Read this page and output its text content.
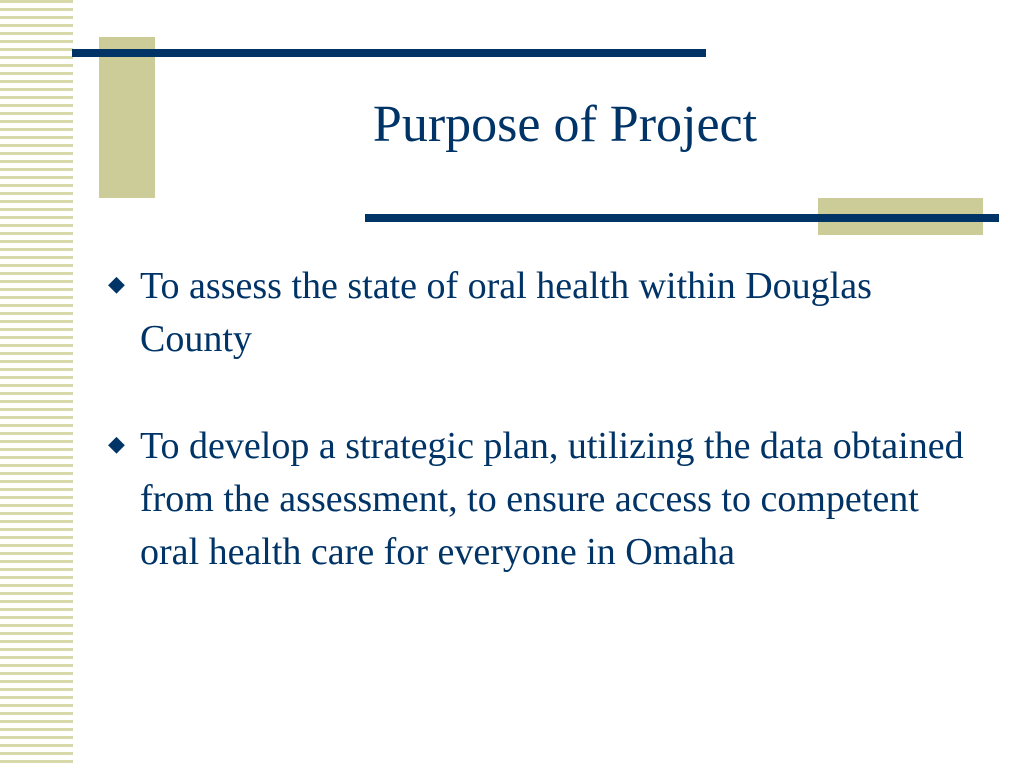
Purpose of Project
◆ To assess the state of oral health within Douglas County
◆ To develop a strategic plan, utilizing the data obtained from the assessment, to ensure access to competent oral health care for everyone in Omaha
